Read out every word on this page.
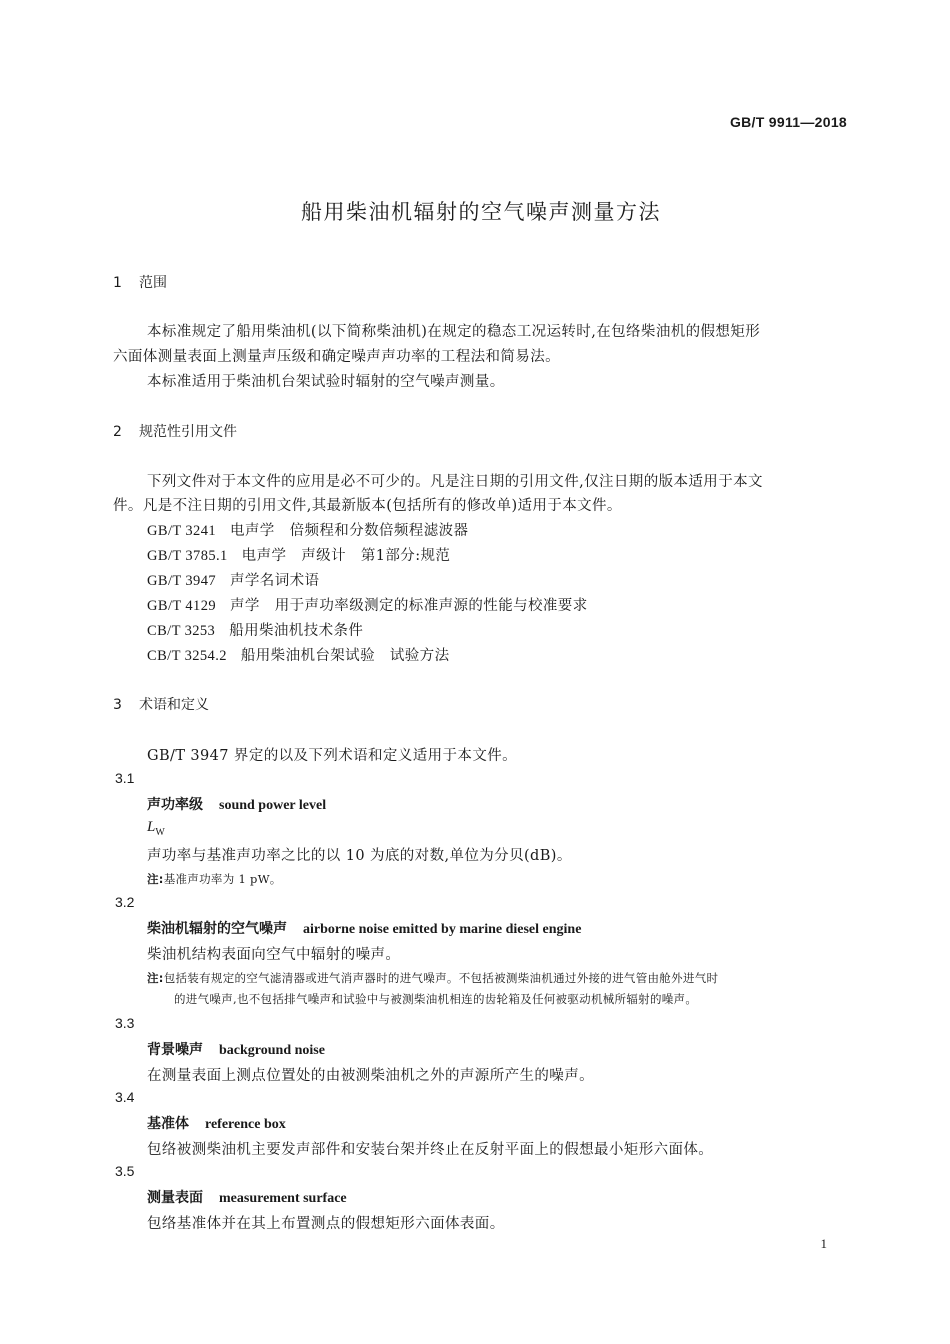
GB/T 9911—2018
船用柴油机辐射的空气噪声测量方法
1 范围
本标准规定了船用柴油机(以下简称柴油机)在规定的稳态工况运转时,在包络柴油机的假想矩形
六面体测量表面上测量声压级和确定噪声声功率的工程法和简易法。
本标准适用于柴油机台架试验时辐射的空气噪声测量。
2 规范性引用文件
下列文件对于本文件的应用是必不可少的。凡是注日期的引用文件,仅注日期的版本适用于本文
件。凡是不注日期的引用文件,其最新版本(包括所有的修改单)适用于本文件。
GB/T 3241 电声学　倍频程和分数倍频程滤波器
GB/T 3785.1 电声学　声级计　第1部分:规范
GB/T 3947 声学名词术语
GB/T 4129 声学　用于声功率级测定的标准声源的性能与校准要求
CB/T 3253 船用柴油机技术条件
CB/T 3254.2 船用柴油机台架试验　试验方法
3 术语和定义
GB/T 3947 界定的以及下列术语和定义适用于本文件。
3.1
声功率级 sound power level
$L_W$
声功率与基准声功率之比的以 10 为底的对数,单位为分贝(dB)。
注:基准声功率为 1 pW。
3.2
柴油机辐射的空气噪声 airborne noise emitted by marine diesel engine
柴油机结构表面向空气中辐射的噪声。
注:包括装有规定的空气滤清器或进气消声器时的进气噪声。不包括被测柴油机通过外接的进气管由舱外进气时
的进气噪声,也不包括排气噪声和试验中与被测柴油机相连的齿轮箱及任何被驱动机械所辐射的噪声。
3.3
背景噪声 background noise
在测量表面上测点位置处的由被测柴油机之外的声源所产生的噪声。
3.4
基准体 reference box
包络被测柴油机主要发声部件和安装台架并终止在反射平面上的假想最小矩形六面体。
3.5
测量表面 measurement surface
包络基准体并在其上布置测点的假想矩形六面体表面。
1
